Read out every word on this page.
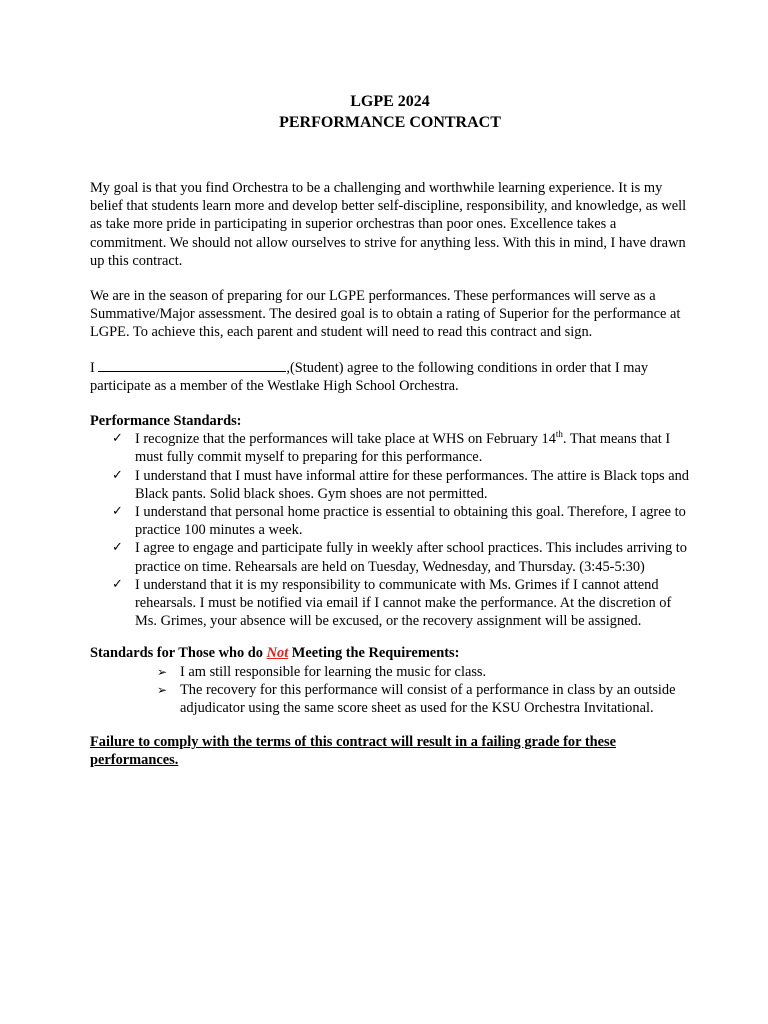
LGPE 2024

PERFORMANCE CONTRACT

My goal is that you find Orchestra to be a challenging and worthwhile learning experience. It is my belief that students learn more and develop better self-discipline, responsibility, and knowledge, as well as take more pride in participating in superior orchestras than poor ones. Excellence takes a commitment. We should not allow ourselves to strive for anything less. With this in mind, I have drawn up this contract.

We are in the season of preparing for our LGPE performances. These performances will serve as a Summative/Major assessment. The desired goal is to obtain a rating of Superior for the performance at LGPE. To achieve this, each parent and student will need to read this contract and sign.

I	,(Student) agree to the following conditions in order that I may participate as a member of the Westlake High School Orchestra.

Performance Standards:

✓ I recognize that the performances will take place at WHS on February 14th. That means that I must fully commit myself to preparing for this performance.
✓ I understand that I must have informal attire for these performances. The attire is Black tops and Black pants. Solid black shoes. Gym shoes are not permitted.
✓ I understand that personal home practice is essential to obtaining this goal. Therefore, I agree to practice 100 minutes a week.
✓ I agree to engage and participate fully in weekly after school practices. This includes arriving to practice on time. Rehearsals are held on Tuesday, Wednesday, and Thursday. (3:45-5:30)
✓ I understand that it is my responsibility to communicate with Ms. Grimes if I cannot attend rehearsals. I must be notified via email if I cannot make the performance. At the discretion of Ms. Grimes, your absence will be excused, or the recovery assignment will be assigned.

Standards for Those who do Not Meeting the Requirements:

➢ I am still responsible for learning the music for class.
➢ The recovery for this performance will consist of a performance in class by an outside adjudicator using the same score sheet as used for the KSU Orchestra Invitational.

Failure to comply with the terms of this contract will result in a failing grade for these performances.
